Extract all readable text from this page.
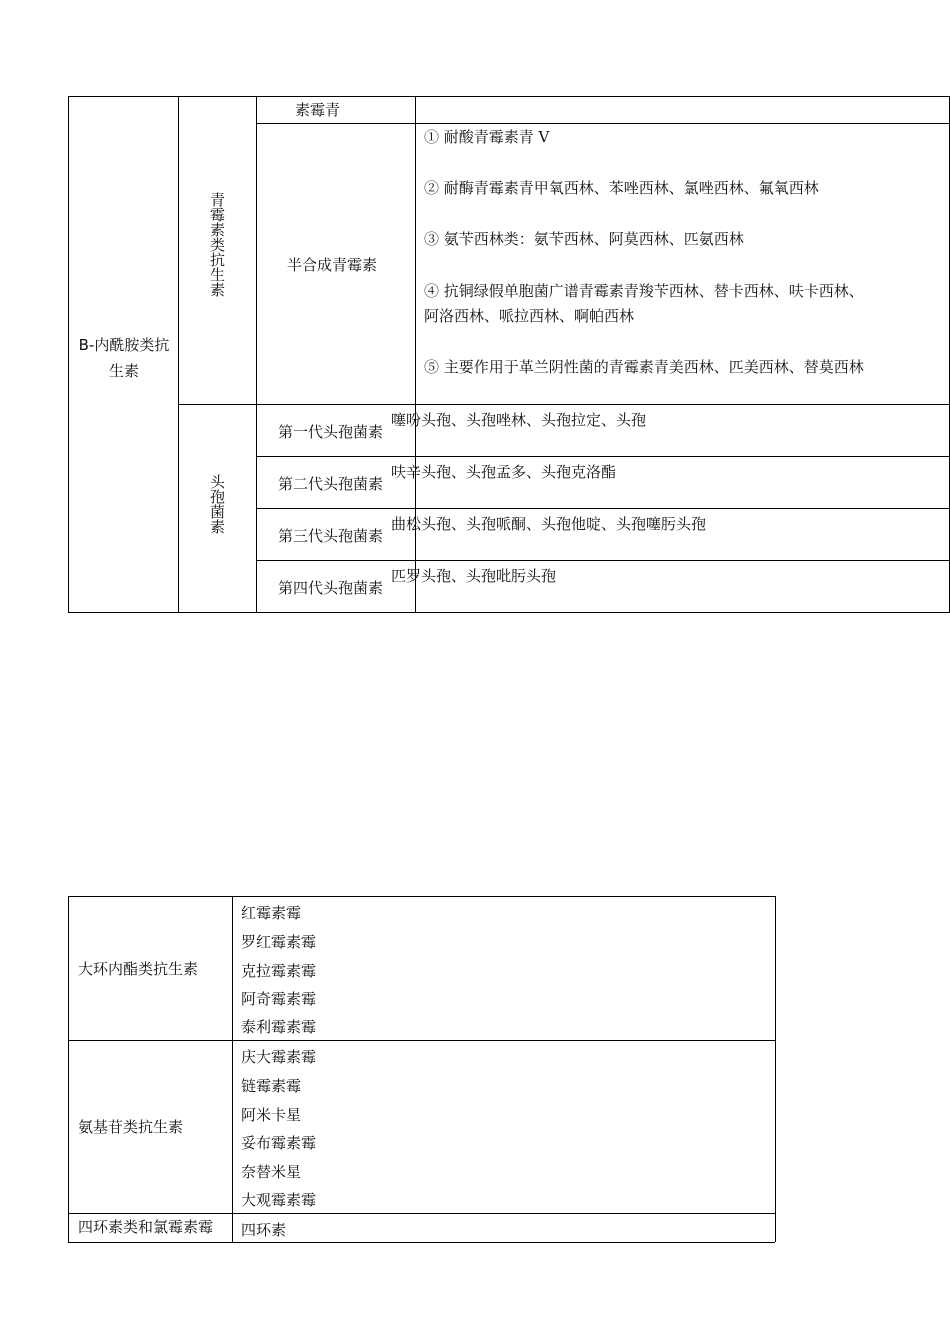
B-内酰胺类抗生素
青霉素类抗生素
素霉青
半合成青霉素
① 耐酸青霉素青 V
② 耐酶青霉素青甲氧西林、苯唑西林、氯唑西林、氟氧西林
③ 氨苄西林类：氨苄西林、阿莫西林、匹氨西林
④ 抗铜绿假单胞菌广谱青霉素青羧苄西林、替卡西林、呋卡西林、
阿洛西林、哌拉西林、啊帕西林
⑤ 主要作用于革兰阴性菌的青霉素青美西林、匹美西林、替莫西林
头孢菌素
第一代头孢菌素
噻吩头孢、头孢唑林、头孢拉定、头孢
第二代头孢菌素
呋辛头孢、头孢孟多、头孢克洛酯
第三代头孢菌素
曲松头孢、头孢哌酮、头孢他啶、头孢噻肟头孢
第四代头孢菌素
匹罗头孢、头孢吡肟头孢
大环内酯类抗生素
红霉素霉
罗红霉素霉
克拉霉素霉
阿奇霉素霉
泰利霉素霉
氨基苷类抗生素
庆大霉素霉
链霉素霉
阿米卡星
妥布霉素霉
奈替米星
大观霉素霉
四环素类和氯霉素霉 四环素
